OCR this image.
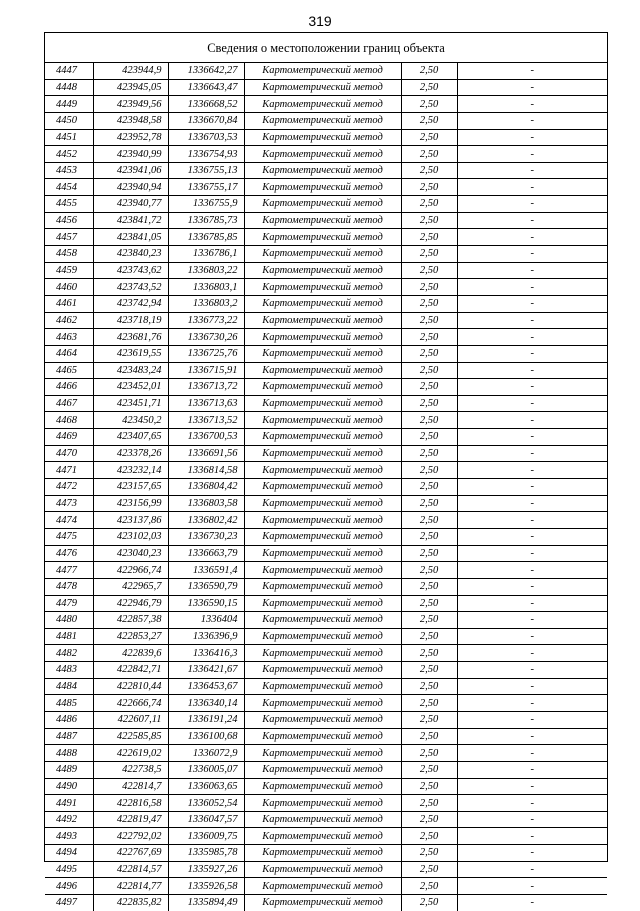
319
Сведения о местоположении границ объекта
4447	423944,9	1336642,27	Картометрический метод	2,50	-
4448	423945,05	1336643,47	Картометрический метод	2,50	-
4449	423949,56	1336668,52	Картометрический метод	2,50	-
4450	423948,58	1336670,84	Картометрический метод	2,50	-
4451	423952,78	1336703,53	Картометрический метод	2,50	-
4452	423940,99	1336754,93	Картометрический метод	2,50	-
4453	423941,06	1336755,13	Картометрический метод	2,50	-
4454	423940,94	1336755,17	Картометрический метод	2,50	-
4455	423940,77	1336755,9	Картометрический метод	2,50	-
4456	423841,72	1336785,73	Картометрический метод	2,50	-
4457	423841,05	1336785,85	Картометрический метод	2,50	-
4458	423840,23	1336786,1	Картометрический метод	2,50	-
4459	423743,62	1336803,22	Картометрический метод	2,50	-
4460	423743,52	1336803,1	Картометрический метод	2,50	-
4461	423742,94	1336803,2	Картометрический метод	2,50	-
4462	423718,19	1336773,22	Картометрический метод	2,50	-
4463	423681,76	1336730,26	Картометрический метод	2,50	-
4464	423619,55	1336725,76	Картометрический метод	2,50	-
4465	423483,24	1336715,91	Картометрический метод	2,50	-
4466	423452,01	1336713,72	Картометрический метод	2,50	-
4467	423451,71	1336713,63	Картометрический метод	2,50	-
4468	423450,2	1336713,52	Картометрический метод	2,50	-
4469	423407,65	1336700,53	Картометрический метод	2,50	-
4470	423378,26	1336691,56	Картометрический метод	2,50	-
4471	423232,14	1336814,58	Картометрический метод	2,50	-
4472	423157,65	1336804,42	Картометрический метод	2,50	-
4473	423156,99	1336803,58	Картометрический метод	2,50	-
4474	423137,86	1336802,42	Картометрический метод	2,50	-
4475	423102,03	1336730,23	Картометрический метод	2,50	-
4476	423040,23	1336663,79	Картометрический метод	2,50	-
4477	422966,74	1336591,4	Картометрический метод	2,50	-
4478	422965,7	1336590,79	Картометрический метод	2,50	-
4479	422946,79	1336590,15	Картометрический метод	2,50	-
4480	422857,38	1336404	Картометрический метод	2,50	-
4481	422853,27	1336396,9	Картометрический метод	2,50	-
4482	422839,6	1336416,3	Картометрический метод	2,50	-
4483	422842,71	1336421,67	Картометрический метод	2,50	-
4484	422810,44	1336453,67	Картометрический метод	2,50	-
4485	422666,74	1336340,14	Картометрический метод	2,50	-
4486	422607,11	1336191,24	Картометрический метод	2,50	-
4487	422585,85	1336100,68	Картометрический метод	2,50	-
4488	422619,02	1336072,9	Картометрический метод	2,50	-
4489	422738,5	1336005,07	Картометрический метод	2,50	-
4490	422814,7	1336063,65	Картометрический метод	2,50	-
4491	422816,58	1336052,54	Картометрический метод	2,50	-
4492	422819,47	1336047,57	Картометрический метод	2,50	-
4493	422792,02	1336009,75	Картометрический метод	2,50	-
4494	422767,69	1335985,78	Картометрический метод	2,50	-
4495	422814,57	1335927,26	Картометрический метод	2,50	-
4496	422814,77	1335926,58	Картометрический метод	2,50	-
4497	422835,82	1335894,49	Картометрический метод	2,50	-
